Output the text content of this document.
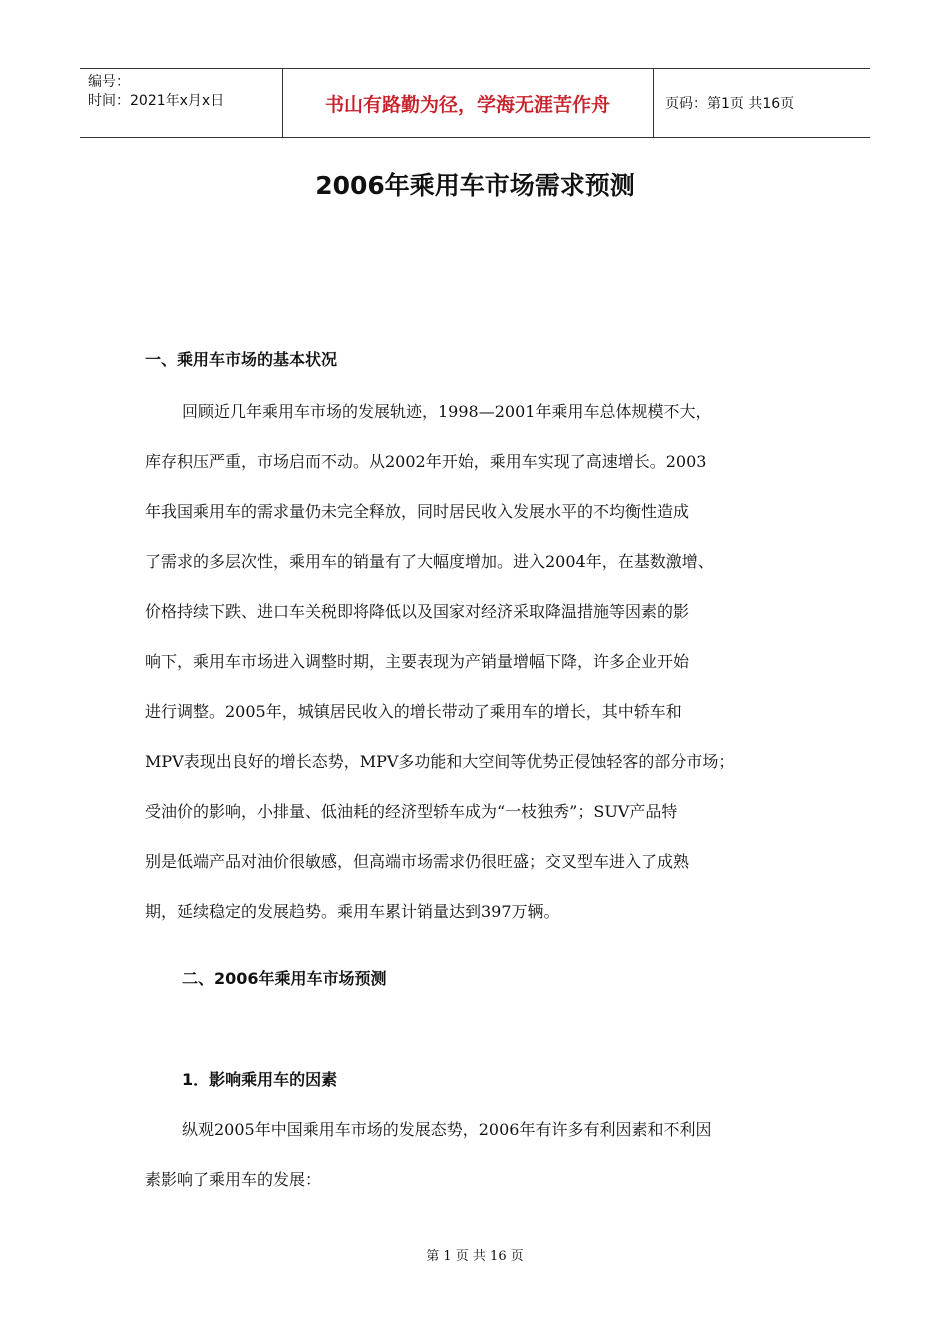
编号：
时间：2021年x月x日	书山有路勤为径，学海无涯苦作舟	页码：第1页 共16页
2006年乘用车市场需求预测
一、乘用车市场的基本状况
回顾近几年乘用车市场的发展轨迹，1998—2001年乘用车总体规模不大，
库存积压严重，市场启而不动。从2002年开始，乘用车实现了高速增长。2003
年我国乘用车的需求量仍未完全释放，同时居民收入发展水平的不均衡性造成
了需求的多层次性，乘用车的销量有了大幅度增加。进入2004年，在基数激增、
价格持续下跌、进口车关税即将降低以及国家对经济采取降温措施等因素的影
响下，乘用车市场进入调整时期，主要表现为产销量增幅下降，许多企业开始
进行调整。2005年，城镇居民收入的增长带动了乘用车的增长，其中轿车和
MPV表现出良好的增长态势，MPV多功能和大空间等优势正侵蚀轻客的部分市场；
受油价的影响，小排量、低油耗的经济型轿车成为“一枝独秀”；SUV产品特
别是低端产品对油价很敏感，但高端市场需求仍很旺盛；交叉型车进入了成熟
期，延续稳定的发展趋势。乘用车累计销量达到397万辆。
二、2006年乘用车市场预测
1．影响乘用车的因素
纵观2005年中国乘用车市场的发展态势，2006年有许多有利因素和不利因
素影响了乘用车的发展：
第 1 页 共 16 页
